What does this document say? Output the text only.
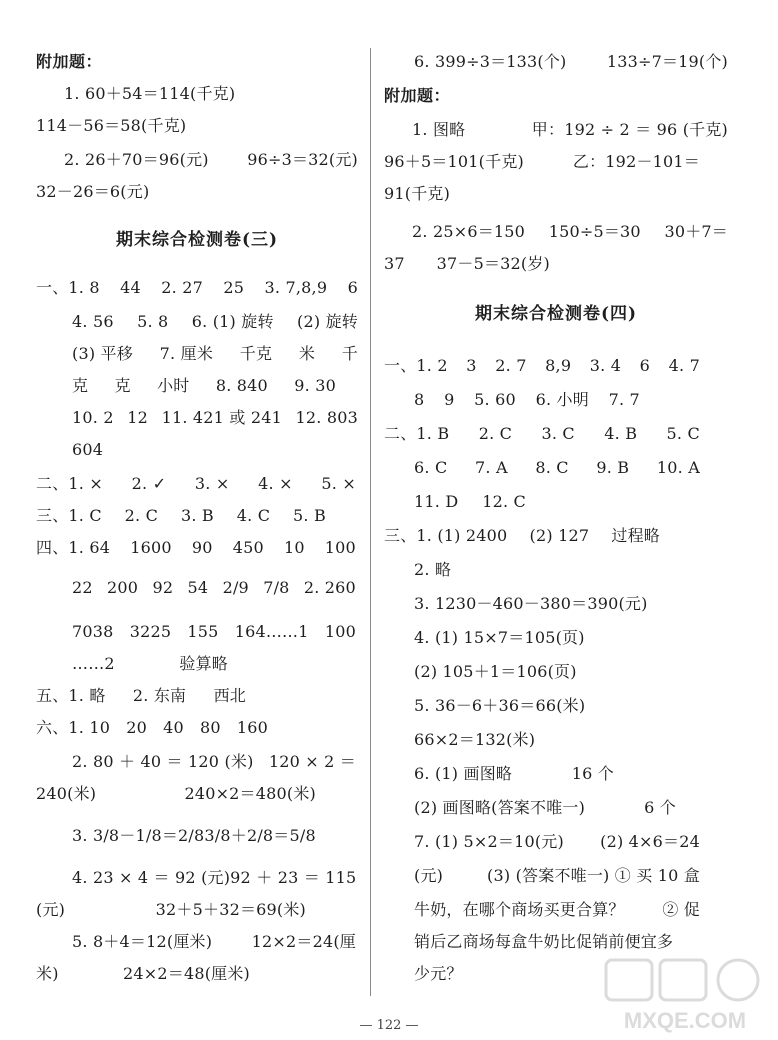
附加题：
1. 60＋54＝114(千克)
114－56＝58(千克)
2. 26＋70＝96(元) 96÷3＝32(元)
32－26＝6(元)
期末综合检测卷(三)
一、1. 8 44 2. 27 25 3. 7,8,9 6
4. 56 5. 8 6. (1) 旋转 (2) 旋转
(3) 平移 7. 厘米 千克 米 千
克 克 小时 8. 840 9. 30
10. 2 12 11. 421 或 241 12. 803
604
二、1. × 2. ✓ 3. × 4. × 5. ×
三、1. C 2. C 3. B 4. C 5. B
四、1. 64 1600 90 450 10 100
22 200 92 54 2/9 7/8 2. 260
7038 3225 155 164……1 100
……2	验算略
五、1. 略 2. 东南 西北
六、1. 10 20 40 80 160
2. 80 ＋ 40 ＝ 120 (米) 120 × 2 ＝
240(米)	240×2＝480(米)
3. 3/8－1/8＝2/8 3/8＋2/8＝5/8
4. 23 × 4 ＝ 92 (元) 92 ＋ 23 ＝ 115
(元)	32＋5＋32＝69(米)
5. 8＋4＝12(厘米) 12×2＝24(厘
米)	24×2＝48(厘米)
6. 399÷3＝133(个)	133÷7＝19(个)
附加题：
1. 图略	甲：192 ÷ 2 ＝ 96 (千克)
96＋5＝101(千克)	乙：192－101＝
91(千克)
2. 25×6＝150 150÷5＝30 30＋7＝
37 37－5＝32(岁)
期末综合检测卷(四)
一、1. 2 3 2. 7 8,9 3. 4 6 4. 7
8 9 5. 60 6. 小明 7. 7
二、1. B 2. C 3. C 4. B 5. C
6. C 7. A 8. C 9. B 10. A
11. D 12. C
三、1. (1) 2400 (2) 127 过程略
2. 略
3. 1230－460－380＝390(元)
4. (1) 15×7＝105(页)
(2) 105＋1＝106(页)
5. 36－6＋36＝66(米)
66×2＝132(米)
6. (1) 画图略	16 个
(2) 画图略(答案不唯一)	6 个
7. (1) 5×2＝10(元) (2) 4×6＝24
(元)	(3) (答案不唯一) ① 买 10 盒
牛奶，在哪个商场买更合算？ ② 促
销后乙商场每盒牛奶比促销前便宜多
少元？
— 122 —	MXQE.COM
